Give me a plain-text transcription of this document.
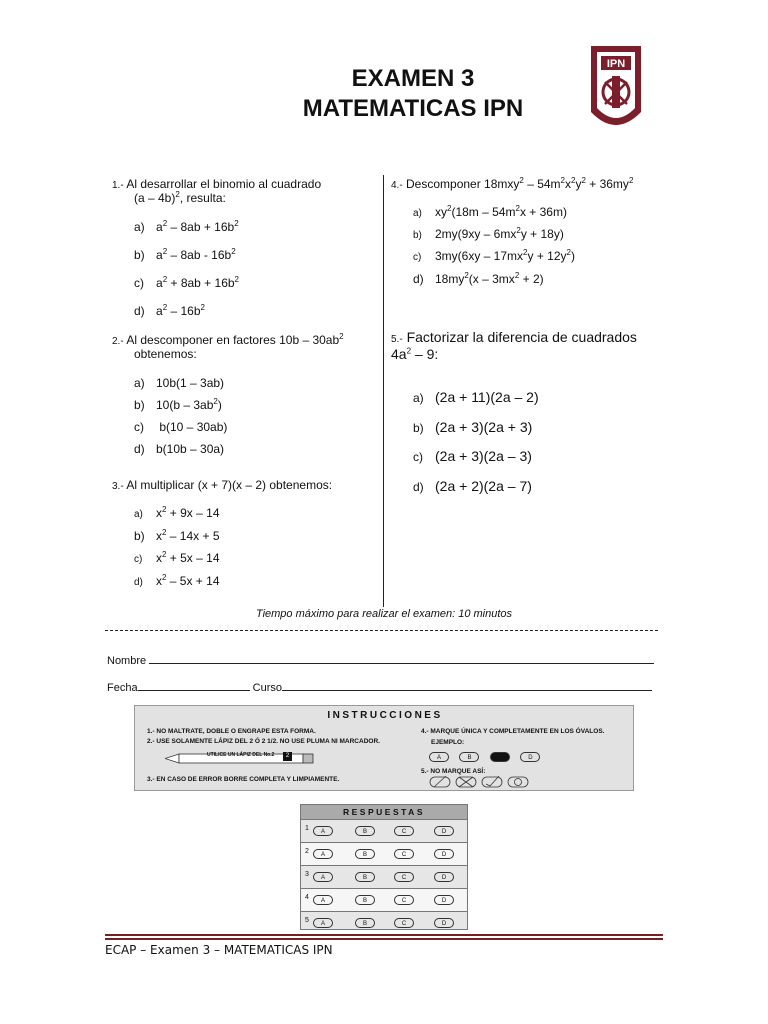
EXAMEN 3
MATEMATICAS IPN
IPN
1.- Al desarrollar el binomio al cuadrado
(a – 4b)$^2$, resulta:
a) $a^2 - 8ab + 16b^2$
b) $a^2 - 8ab - 16b^2$
c) $a^2 + 8ab + 16b^2$
d) $a^2 - 16b^2$
2.- Al descomponer en factores $10b - 30ab^2$
obtenemos:
a) 10b(1 – 3ab)
b) $10(b - 3ab^2)$
c) b(10 – 30ab)
d) b(10b – 30a)
3.- Al multiplicar (x + 7)(x – 2) obtenemos:
a) $x^2 + 9x - 14$
b) $x^2 - 14x + 5$
c) $x^2 + 5x - 14$
d) $x^2 - 5x + 14$
4.- Descomponer $18mxy^2 - 54m^2x^2y^2 + 36my^2$
a) $xy^2(18m - 54m^2x + 36m)$
b) $2my(9xy - 6mx^2y + 18y)$
c) $3my(6xy - 17mx^2y + 12y^2)$
d) $18my^2(x - 3mx^2 + 2)$
5.- Factorizar la diferencia de cuadrados
$4a^2 - 9$:
a) (2a + 11)(2a – 2)
b) (2a + 3)(2a + 3)
c) (2a + 3)(2a – 3)
d) (2a + 2)(2a – 7)
Tiempo máximo para realizar el examen: 10 minutos
Nombre
Fecha	Curso
INSTRUCCIONES
1.- NO MALTRATE, DOBLE O ENGRAPE ESTA FORMA.
2.- USE SOLAMENTE LÁPIZ DEL 2 Ó 2 1/2. NO USE PLUMA NI MARCADOR.
UTILICE UN LÁPIZ DEL No.2	2
3.- EN CASO DE ERROR BORRE COMPLETA Y LIMPIAMENTE.
4.- MARQUE ÚNICA Y COMPLETAMENTE EN LOS ÓVALOS.
EJEMPLO:
A	B	D
5.- NO MARQUE ASÍ:
RESPUESTAS
1	A	B	C	D
2	A	B	C	D
3	A	B	C	D
4	A	B	C	D
5	A	B	C	D
ECAP – Examen 3 – MATEMATICAS IPN
